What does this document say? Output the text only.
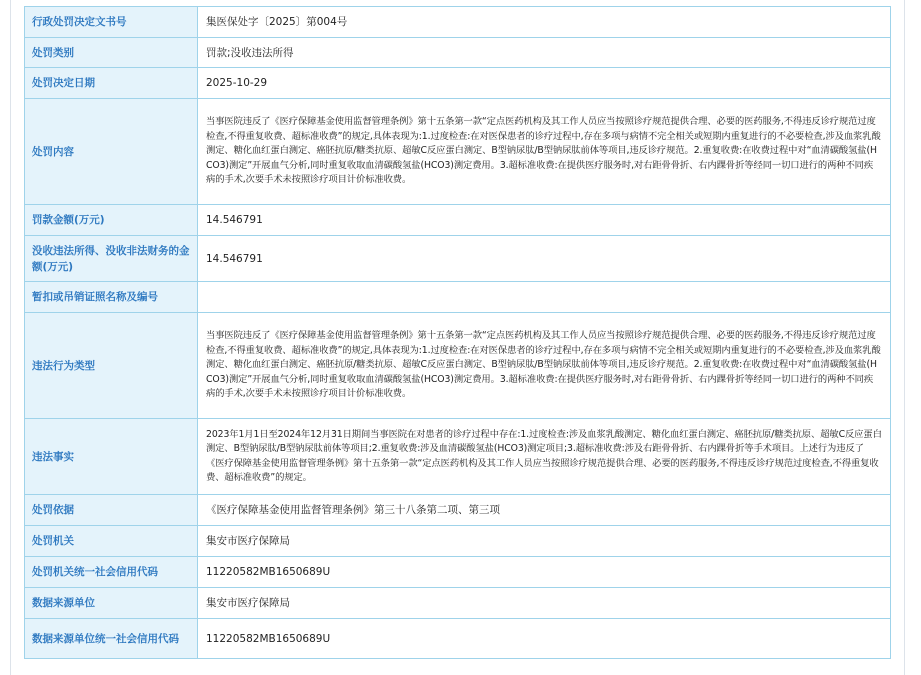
行政处罚决定文书号	集医保处字〔2025〕第004号
处罚类别	罚款;没收违法所得
处罚决定日期	2025-10-29
处罚内容	当事医院违反了《医疗保障基金使用监督管理条例》第十五条第一款“定点医药机构及其工作人员应当按照诊疗规范提供合理、必要的医药服务,不得违反诊疗规范过度检查,不得重复收费、超标准收费”的规定,具体表现为:1.过度检查:在对医保患者的诊疗过程中,存在多项与病情不完全相关或短期内重复进行的不必要检查,涉及血浆乳酸测定、糖化血红蛋白测定、癌胚抗原/糖类抗原、超敏C反应蛋白测定、B型钠尿肽/B型钠尿肽前体等项目,违反诊疗规范。2.重复收费:在收费过程中对“血清碳酸氢盐(HCO3)测定”开展血气分析,同时重复收取血清碳酸氢盐(HCO3)测定费用。3.超标准收费:在提供医疗服务时,对右距骨骨折、右内踝骨折等经同一切口进行的两种不同疾病的手术,次要手术未按照诊疗项目计价标准收费。
罚款金额(万元)	14.546791
没收违法所得、没收非法财务的金额(万元)	14.546791
暂扣或吊销证照名称及编号	
违法行为类型	当事医院违反了《医疗保障基金使用监督管理条例》第十五条第一款“定点医药机构及其工作人员应当按照诊疗规范提供合理、必要的医药服务,不得违反诊疗规范过度检查,不得重复收费、超标准收费”的规定,具体表现为:1.过度检查:在对医保患者的诊疗过程中,存在多项与病情不完全相关或短期内重复进行的不必要检查,涉及血浆乳酸测定、糖化血红蛋白测定、癌胚抗原/糖类抗原、超敏C反应蛋白测定、B型钠尿肽/B型钠尿肽前体等项目,违反诊疗规范。2.重复收费:在收费过程中对“血清碳酸氢盐(HCO3)测定”开展血气分析,同时重复收取血清碳酸氢盐(HCO3)测定费用。3.超标准收费:在提供医疗服务时,对右距骨骨折、右内踝骨折等经同一切口进行的两种不同疾病的手术,次要手术未按照诊疗项目计价标准收费。
违法事实	2023年1月1日至2024年12月31日期间当事医院在对患者的诊疗过程中存在:1.过度检查:涉及血浆乳酸测定、糖化血红蛋白测定、癌胚抗原/糖类抗原、超敏C反应蛋白测定、B型钠尿肽/B型钠尿肽前体等项目;2.重复收费:涉及血清碳酸氢盐(HCO3)测定项目;3.超标准收费:涉及右距骨骨折、右内踝骨折等手术项目。上述行为违反了《医疗保障基金使用监督管理条例》第十五条第一款“定点医药机构及其工作人员应当按照诊疗规范提供合理、必要的医药服务,不得违反诊疗规范过度检查,不得重复收费、超标准收费”的规定。
处罚依据	《医疗保障基金使用监督管理条例》第三十八条第二项、第三项
处罚机关	集安市医疗保障局
处罚机关统一社会信用代码	11220582MB1650689U
数据来源单位	集安市医疗保障局
数据来源单位统一社会信用代码	11220582MB1650689U
